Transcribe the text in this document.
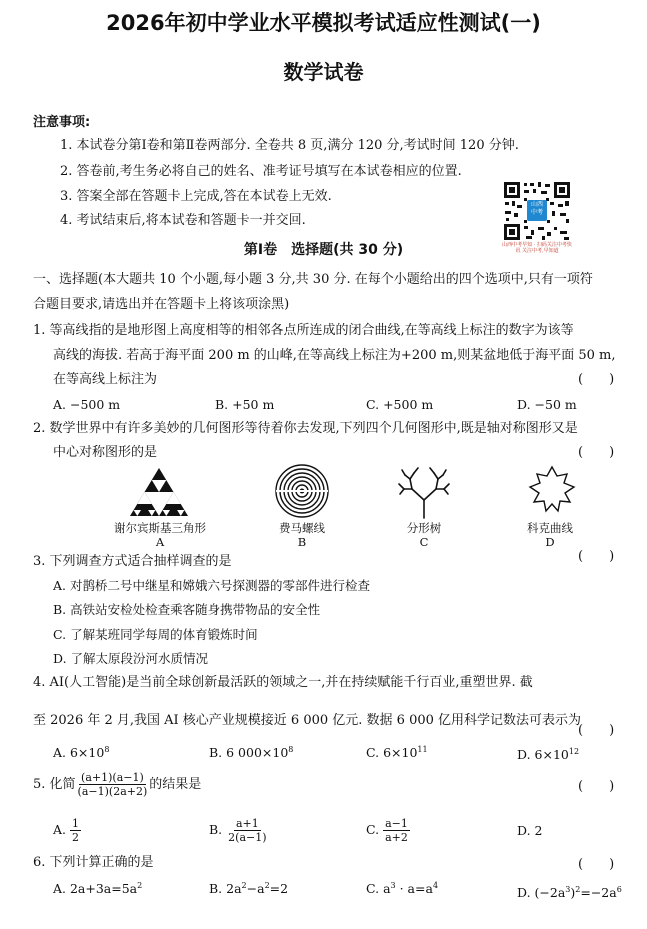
2026年初中学业水平模拟考试适应性测试(一)
数学试卷
注意事项:
1. 本试卷分第Ⅰ卷和第Ⅱ卷两部分. 全卷共 8 页,满分 120 分,考试时间 120 分钟.
2. 答卷前,考生务必将自己的姓名、准考证号填写在本试卷相应的位置.
3. 答案全部在答题卡上完成,答在本试卷上无效.
4. 考试结束后,将本试卷和答题卡一并交回.
山西
中考
山西中考早知 · 扫码关注中考快讯 关注中考,早知道
第Ⅰ卷　选择题(共 30 分)
一、选择题(本大题共 10 个小题,每小题 3 分,共 30 分. 在每个小题给出的四个选项中,只有一项符
合题目要求,请选出并在答题卡上将该项涂黑)
1. 等高线指的是地形图上高度相等的相邻各点所连成的闭合曲线,在等高线上标注的数字为该等
高线的海拔. 若高于海平面 200 m 的山峰,在等高线上标注为+200 m,则某盆地低于海平面 50 m,
在等高线上标注为	(　　)
A. −500 m	B. +50 m	C. +500 m	D. −50 m
2. 数学世界中有许多美妙的几何图形等待着你去发现,下列四个几何图形中,既是轴对称图形又是
中心对称图形的是	(　　)
谢尔宾斯基三角形
A
费马螺线
B
分形树
C
科克曲线
D
3. 下列调查方式适合抽样调查的是	(　　)
A. 对鹊桥二号中继星和嫦娥六号探测器的零部件进行检查
B. 高铁站安检处检查乘客随身携带物品的安全性
C. 了解某班同学每周的体育锻炼时间
D. 了解太原段汾河水质情况
4. AI(人工智能)是当前全球创新最活跃的领域之一,并在持续赋能千行百业,重塑世界. 截
至 2026 年 2 月,我国 AI 核心产业规模接近 6 000 亿元. 数据 6 000 亿用科学记数法可表示为
(　　)
A. $6\times 10^8$	B. 6 $000\times 10^8$	C. $6\times 10^{11}$	D. $6\times 10^{12}$
5. 化简 $\frac{(a+1)(a-1)}{(a-1)(2a+2)}$ 的结果是	(　　)
A. $\frac{1}{2}$	B. $\frac{a+1}{2(a-1)}$	C. $\frac{a-1}{a+2}$	D. 2
6. 下列计算正确的是	(　　)
A. $2a+3a=5a^2$	B. $2a^2-a^2=2$	C. $a^3 \cdot a=a^4$	D. $(-2a^3)^2=-2a^6$
